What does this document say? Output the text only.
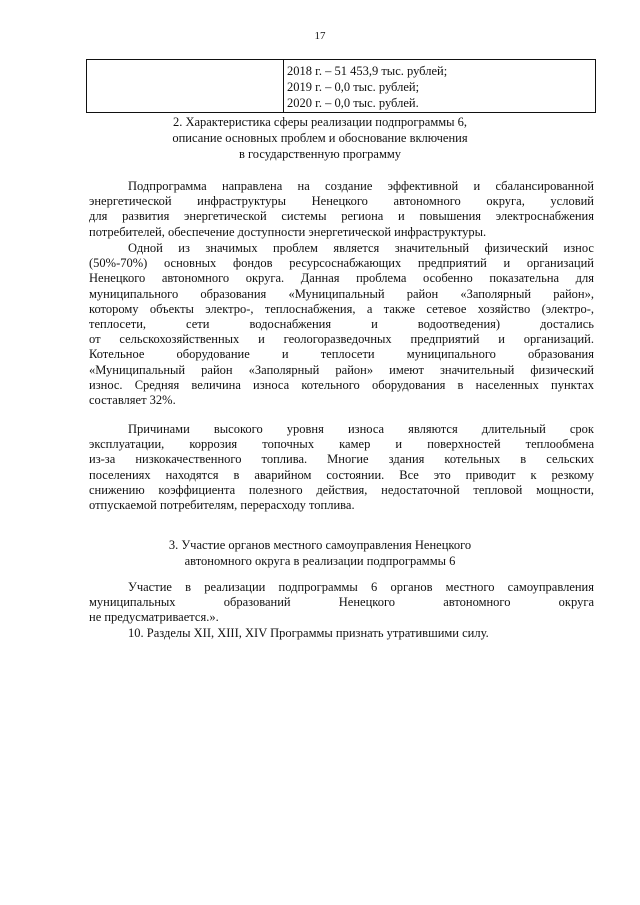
17
2018 г. – 51 453,9 тыс. рублей;
2019 г. – 0,0 тыс. рублей;
2020 г. – 0,0 тыс. рублей.
2. Характеристика сферы реализации подпрограммы 6,
описание основных проблем и обоснование включения
в государственную программу
Подпрограмма направлена на создание эффективной и сбалансированной
энергетической инфраструктуры Ненецкого автономного округа, условий
для развития энергетической системы региона и повышения электроснабжения
потребителей, обеспечение доступности энергетической инфраструктуры.
Одной из значимых проблем является значительный физический износ
(50%-70%) основных фондов ресурсоснабжающих предприятий и организаций
Ненецкого автономного округа. Данная проблема особенно показательна для
муниципального образования «Муниципальный район «Заполярный район»,
которому объекты электро-, теплоснабжения, а также сетевое хозяйство (электро-,
теплосети, сети водоснабжения и водоотведения) достались
от сельскохозяйственных и геологоразведочных предприятий и организаций.
Котельное оборудование и теплосети муниципального образования
«Муниципальный район «Заполярный район» имеют значительный физический
износ. Средняя величина износа котельного оборудования в населенных пунктах
составляет 32%.
Причинами высокого уровня износа являются длительный срок
эксплуатации, коррозия топочных камер и поверхностей теплообмена
из-за низкокачественного топлива. Многие здания котельных в сельских
поселениях находятся в аварийном состоянии. Все это приводит к резкому
снижению коэффициента полезного действия, недостаточной тепловой мощности,
отпускаемой потребителям, перерасходу топлива.
3. Участие органов местного самоуправления Ненецкого
автономного округа в реализации подпрограммы 6
Участие в реализации подпрограммы 6 органов местного самоуправления
муниципальных образований Ненецкого автономного округа
не предусматривается.».
10. Разделы XII, XIII, XIV Программы признать утратившими силу.
